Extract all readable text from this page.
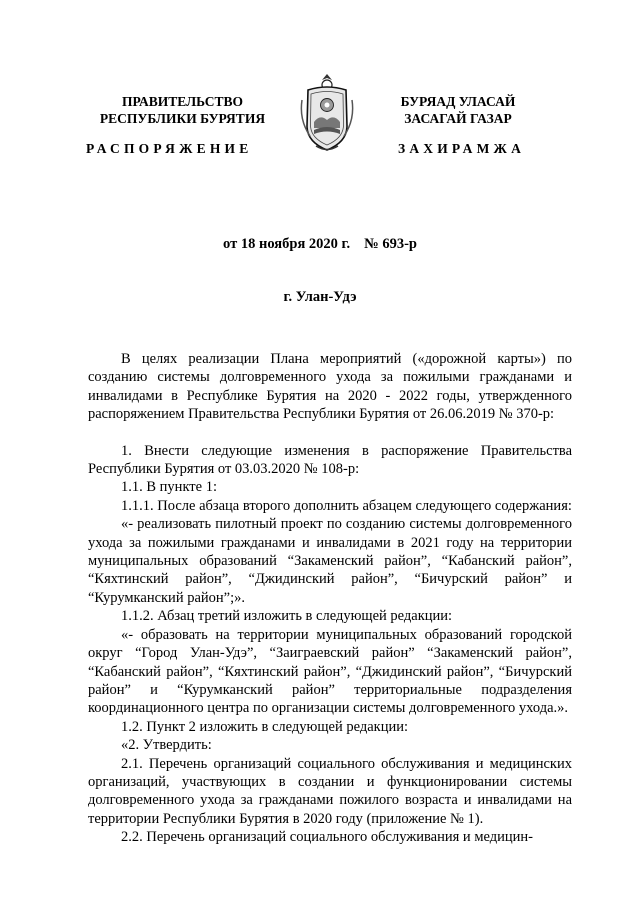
ПРАВИТЕЛЬСТВО
РЕСПУБЛИКИ БУРЯТИЯ
БУРЯАД УЛАСАЙ
ЗАСАГАЙ ГАЗАР
РАСПОРЯЖЕНИЕ	ЗАХИРАМЖА
от 18 ноября 2020 г. № 693-р
г. Улан-Удэ

В целях реализации Плана мероприятий («дорожной карты») по созданию системы долговременного ухода за пожилыми гражданами и инвалидами в Республике Бурятия на 2020 - 2022 годы, утвержденного распоряжением Правительства Республики Бурятия от 26.06.2019 № 370-р:

1. Внести следующие изменения в распоряжение Правительства Республики Бурятия от 03.03.2020 № 108-р:

1.1. В пункте 1:

1.1.1. После абзаца второго дополнить абзацем следующего содержания:

«- реализовать пилотный проект по созданию системы долговременного ухода за пожилыми гражданами и инвалидами в 2021 году на территории муниципальных образований “Закаменский район”, “Кабанский район”, “Кяхтинский район”, “Джидинский район”, “Бичурский район” и “Курумканский район”;».

1.1.2. Абзац третий изложить в следующей редакции:

«- образовать на территории муниципальных образований городской округ “Город Улан-Удэ”, “Заиграевский район” “Закаменский район”, “Кабанский район”, “Кяхтинский район”, “Джидинский район”, “Бичурский район” и “Курумканский район” территориальные подразделения координационного центра по организации системы долговременного ухода.».

1.2. Пункт 2 изложить в следующей редакции:

«2. Утвердить:

2.1. Перечень организаций социального обслуживания и медицинских организаций, участвующих в создании и функционировании системы долговременного ухода за гражданами пожилого возраста и инвалидами на территории Республики Бурятия в 2020 году (приложение № 1).

2.2. Перечень организаций социального обслуживания и медицин-
